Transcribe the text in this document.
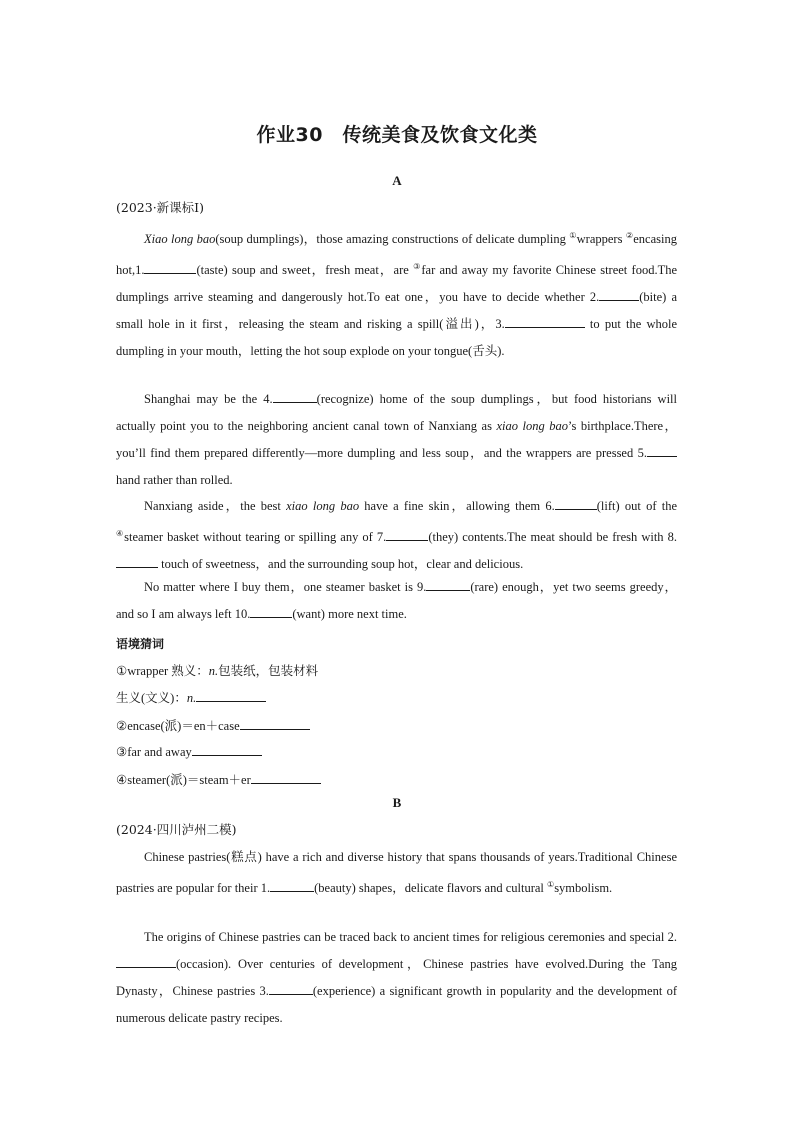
作业30　传统美食及饮食文化类
A
(2023·新课标Ⅰ)

Xiao long bao(soup dumplings)，those amazing constructions of delicate dumpling ①wrappers ②encasing hot,1.	(taste) soup and sweet，fresh meat，are ③far and away my favorite Chinese street food.The dumplings arrive steaming and dangerously hot.To eat one，you have to decide whether 2.	(bite) a small hole in it first，releasing the steam and risking a spill(溢出)，3.	to put the whole dumpling in your mouth，letting the hot soup explode on your tongue(舌头).

Shanghai may be the 4.	(recognize) home of the soup dumplings，but food historians will actually point you to the neighboring ancient canal town of Nanxiang as xiao long bao’s birthplace.There，you’ll find them prepared differently—more dumpling and less soup，and the wrappers are pressed 5.hand rather than rolled.

Nanxiang aside，the best xiao long bao have a fine skin，allowing them 6.	(lift) out of the ④steamer basket without tearing or spilling any of 7.	(they) contents.The meat should be fresh with 8. touch of sweetness，and the surrounding soup hot，clear and delicious.

No matter where I buy them，one steamer basket is 9.	(rare) enough，yet two seems greedy，and so I am always left 10.	(want) more next time.

语境猜词
①wrapper 熟义：n.包装纸，包装材料
生义(文义)：n.
②encase(派)＝en＋case
③far and away
④steamer(派)＝steam＋er
B
(2024·四川泸州二模)

Chinese pastries(糕点) have a rich and diverse history that spans thousands of years.Traditional Chinese pastries are popular for their 1.	(beauty) shapes，delicate flavors and cultural ①symbolism.

The origins of Chinese pastries can be traced back to ancient times for religious ceremonies and special 2.(occasion). Over centuries of development，Chinese pastries have evolved.During the Tang Dynasty，Chinese pastries 3.	(experience) a significant growth in popularity and the development of numerous delicate pastry recipes.
